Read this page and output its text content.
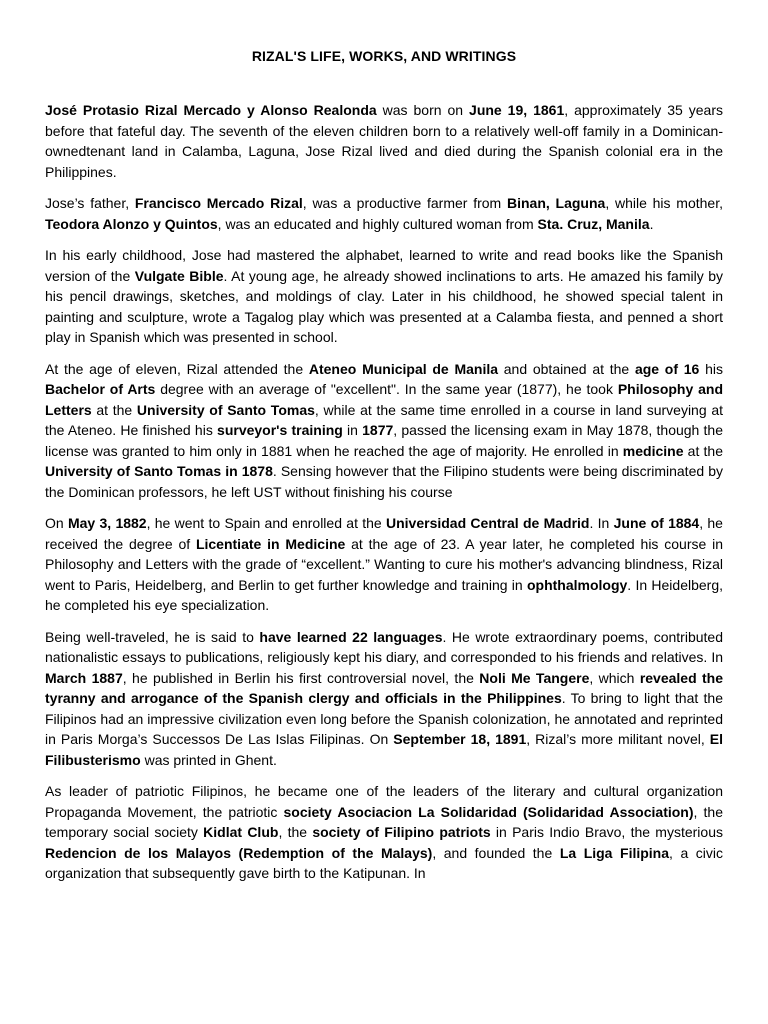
RIZAL'S LIFE, WORKS, AND WRITINGS

José Protasio Rizal Mercado y Alonso Realonda was born on June 19, 1861, approximately 35 years before that fateful day. The seventh of the eleven children born to a relatively well-off family in a Dominican-ownedtenant land in Calamba, Laguna, Jose Rizal lived and died during the Spanish colonial era in the Philippines.

Jose’s father, Francisco Mercado Rizal, was a productive farmer from Binan, Laguna, while his mother, Teodora Alonzo y Quintos, was an educated and highly cultured woman from Sta. Cruz, Manila.

In his early childhood, Jose had mastered the alphabet, learned to write and read books like the Spanish version of the Vulgate Bible. At young age, he already showed inclinations to arts. He amazed his family by his pencil drawings, sketches, and moldings of clay. Later in his childhood, he showed special talent in painting and sculpture, wrote a Tagalog play which was presented at a Calamba fiesta, and penned a short play in Spanish which was presented in school.

At the age of eleven, Rizal attended the Ateneo Municipal de Manila and obtained at the age of 16 his Bachelor of Arts degree with an average of "excellent". In the same year (1877), he took Philosophy and Letters at the University of Santo Tomas, while at the same time enrolled in a course in land surveying at the Ateneo. He finished his surveyor's training in 1877, passed the licensing exam in May 1878, though the license was granted to him only in 1881 when he reached the age of majority. He enrolled in medicine at the University of Santo Tomas in 1878. Sensing however that the Filipino students were being discriminated by the Dominican professors, he left UST without finishing his course

On May 3, 1882, he went to Spain and enrolled at the Universidad Central de Madrid. In June of 1884, he received the degree of Licentiate in Medicine at the age of 23. A year later, he completed his course in Philosophy and Letters with the grade of “excellent.” Wanting to cure his mother's advancing blindness, Rizal went to Paris, Heidelberg, and Berlin to get further knowledge and training in ophthalmology. In Heidelberg, he completed his eye specialization.

Being well-traveled, he is said to have learned 22 languages. He wrote extraordinary poems, contributed nationalistic essays to publications, religiously kept his diary, and corresponded to his friends and relatives. In March 1887, he published in Berlin his first controversial novel, the Noli Me Tangere, which revealed the tyranny and arrogance of the Spanish clergy and officials in the Philippines. To bring to light that the Filipinos had an impressive civilization even long before the Spanish colonization, he annotated and reprinted in Paris Morga’s Successos De Las Islas Filipinas. On September 18, 1891, Rizal’s more militant novel, El Filibusterismo was printed in Ghent.

As leader of patriotic Filipinos, he became one of the leaders of the literary and cultural organization Propaganda Movement, the patriotic society Asociacion La Solidaridad (Solidaridad Association), the temporary social society Kidlat Club, the society of Filipino patriots in Paris Indio Bravo, the mysterious Redencion de los Malayos (Redemption of the Malays), and founded the La Liga Filipina, a civic organization that subsequently gave birth to the Katipunan. In
